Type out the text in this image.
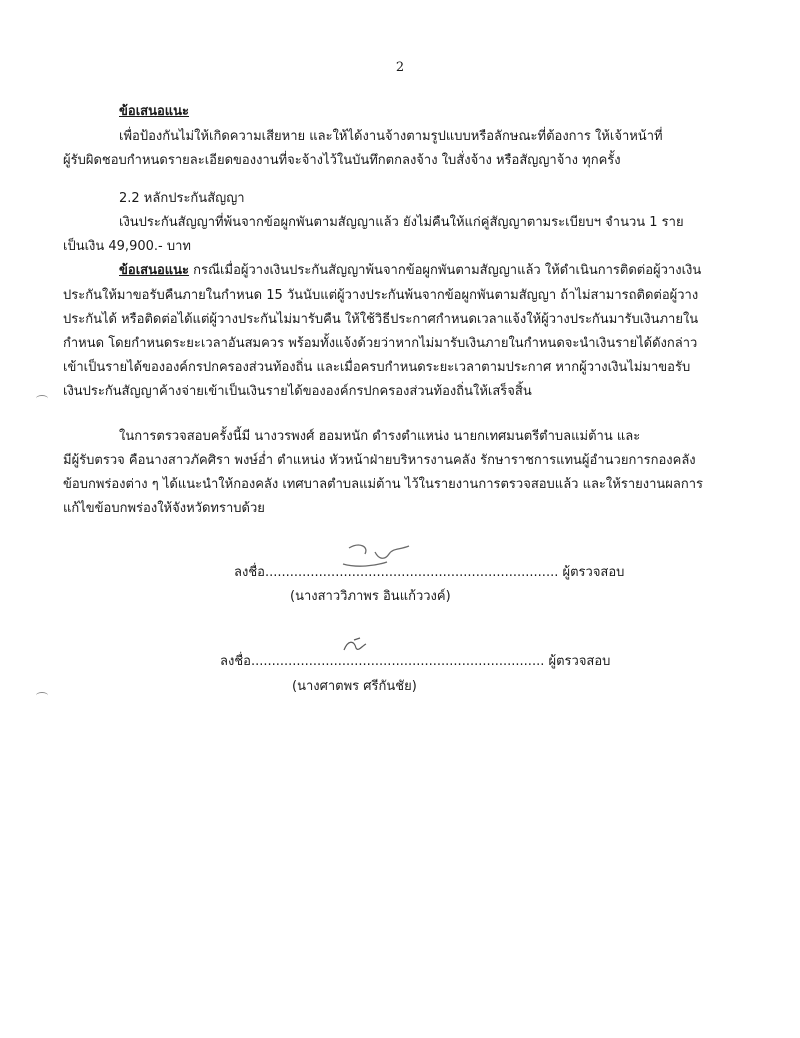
2
ข้อเสนอแนะ
เพื่อป้องกันไม่ให้เกิดความเสียหาย และให้ได้งานจ้างตามรูปแบบหรือลักษณะที่ต้องการ ให้เจ้าหน้าที่
ผู้รับผิดชอบกำหนดรายละเอียดของงานที่จะจ้างไว้ในบันทึกตกลงจ้าง ใบสั่งจ้าง หรือสัญญาจ้าง ทุกครั้ง
2.2 หลักประกันสัญญา
เงินประกันสัญญาที่พ้นจากข้อผูกพันตามสัญญาแล้ว ยังไม่คืนให้แก่คู่สัญญาตามระเบียบฯ จำนวน 1 ราย
เป็นเงิน 49,900.- บาท
ข้อเสนอแนะ กรณีเมื่อผู้วางเงินประกันสัญญาพ้นจากข้อผูกพันตามสัญญาแล้ว ให้ดำเนินการติดต่อผู้วางเงิน
ประกันให้มาขอรับคืนภายในกำหนด 15 วันนับแต่ผู้วางประกันพ้นจากข้อผูกพันตามสัญญา ถ้าไม่สามารถติดต่อผู้วาง
ประกันได้ หรือติดต่อได้แต่ผู้วางประกันไม่มารับคืน ให้ใช้วิธีประกาศกำหนดเวลาแจ้งให้ผู้วางประกันมารับเงินภายใน
กำหนด โดยกำหนดระยะเวลาอันสมควร พร้อมทั้งแจ้งด้วยว่าหากไม่มารับเงินภายในกำหนดจะนำเงินรายได้ดังกล่าว
เข้าเป็นรายได้ขององค์กรปกครองส่วนท้องถิ่น และเมื่อครบกำหนดระยะเวลาตามประกาศ หากผู้วางเงินไม่มาขอรับ
เงินประกันสัญญาค้างจ่ายเข้าเป็นเงินรายได้ขององค์กรปกครองส่วนท้องถิ่นให้เสร็จสิ้น
ในการตรวจสอบครั้งนี้มี นางวรพงศ์ ฮอมหนัก ดำรงตำแหน่ง นายกเทศมนตรีตำบลแม่ต้าน และ
มีผู้รับตรวจ คือนางสาวภัคศิรา พงษ์อ่ำ ตำแหน่ง หัวหน้าฝ่ายบริหารงานคลัง รักษาราชการแทนผู้อำนวยการกองคลัง
ข้อบกพร่องต่าง ๆ ได้แนะนำให้กองคลัง เทศบาลตำบลแม่ต้าน ไว้ในรายงานการตรวจสอบแล้ว และให้รายงานผลการ
แก้ไขข้อบกพร่องให้จังหวัดทราบด้วย
ลงชื่อ....................................................................... ผู้ตรวจสอบ
(นางสาววิภาพร อินแก้ววงค์)
ลงชื่อ....................................................................... ผู้ตรวจสอบ
(นางศาตพร ศรีกันชัย)
